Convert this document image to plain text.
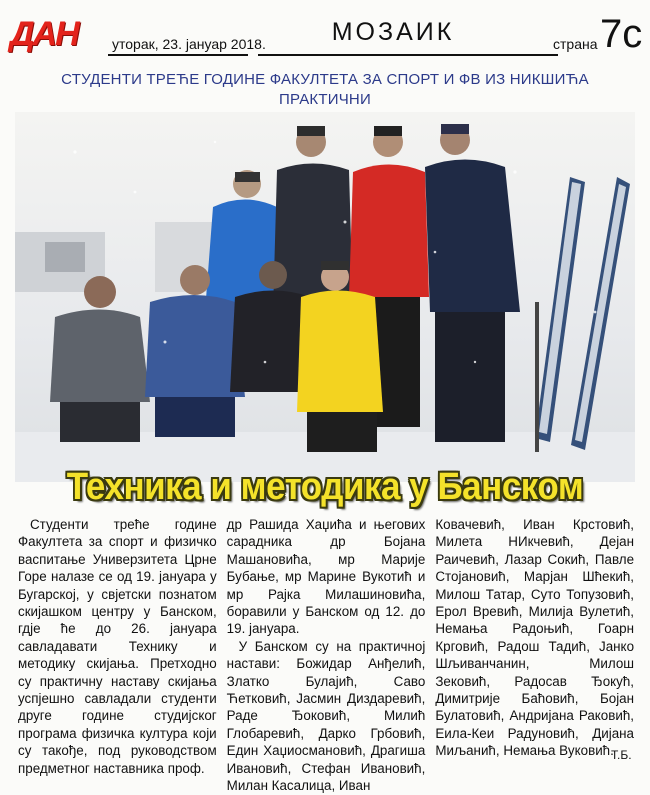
ДАН уторак, 23. јануар 2018.	МОЗАИК	страна 7с
СТУДЕНТИ ТРЕЋЕ ГОДИНЕ ФАКУЛТЕТА ЗА СПОРТ И ФВ ИЗ НИКШИЋА ПРАКТИЧНИ
Техника и методика у Банском

Студенти треће године Факултета за спорт и физичко васпитање Универзитета Црне Горе налазе се од 19. јануара у Бугарској, у свјетски познатом скијашком центру у Банском, гдје ће до 26. јануара савладавати Технику и методику скијања. Претходно су практичну наставу скијања успјешно савладали студенти друге године студијског програма физичка култура који су такође, под руководством предметног наставника проф.

др Рашида Хаџића и његових сарадника др Бојана Машановића, мр Марије Бубање, мр Марине Вукотић и мр Рајка Милашиновића, боравили у Банском од 12. до 19. јануара.

У Банском су на практичној настави: Божидар Анђелић, Златко Булајић, Саво Ћетковић, Јасмин Диздаревић, Раде Ђоковић, Милић Глобаревић, Дарко Грбовић, Един Хаџиосмановић, Драгиша Ивановић, Стефан Ивановић, Милан Касалица, Иван

Ковачевић, Иван Крстовић, Милета НИкчевић, Дејан Раичевић, Лазар Сокић, Павле Стојановић, Марјан Шћекић, Милош Татар, Суто Топузовић, Ерол Вревић, Милија Вулетић, Немања Радоњић, Гоарн Крговић, Радош Тадић, Јанко Шљиванчанин, Милош Зековић, Радосав Ђокућ, Димитрије Баћовић, Бојан Булатовић, Андријана Раковић, Еила-Кеи Радуновић, Дијана Миљанић, Немања Вуковић.

Т.Б.
